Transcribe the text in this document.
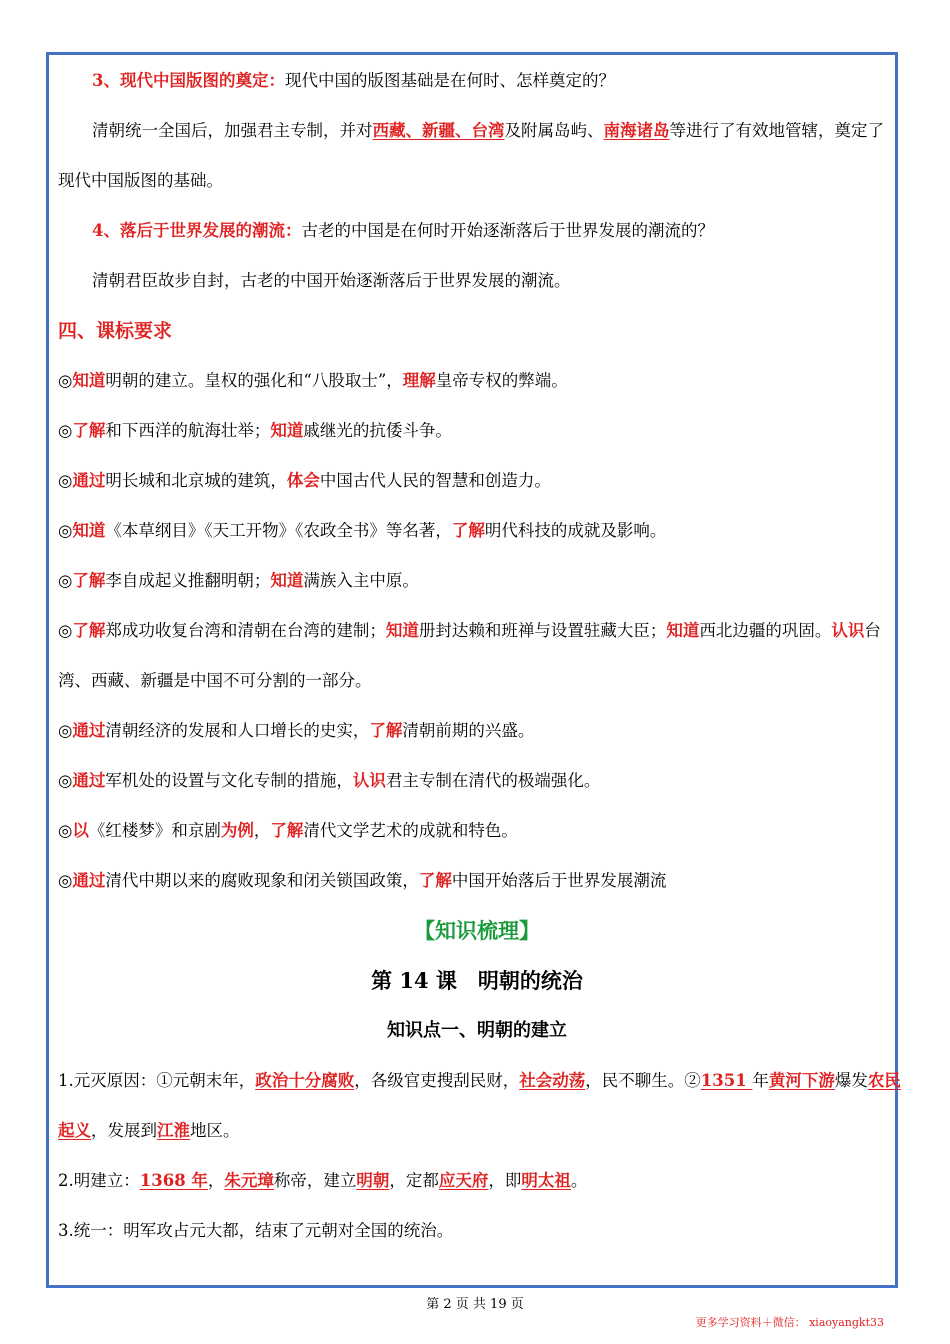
3、现代中国版图的奠定：现代中国的版图基础是在何时、怎样奠定的？
清朝统一全国后，加强君主专制，并对西藏、新疆、台湾及附属岛屿、南海诸岛等进行了有效地管辖，奠定了
现代中国版图的基础。
4、落后于世界发展的潮流：古老的中国是在何时开始逐渐落后于世界发展的潮流的？
清朝君臣故步自封，古老的中国开始逐渐落后于世界发展的潮流。
四、课标要求
◎知道明朝的建立。皇权的强化和“八股取士”，理解皇帝专权的弊端。
◎了解和下西洋的航海壮举；知道戚继光的抗倭斗争。
◎通过明长城和北京城的建筑，体会中国古代人民的智慧和创造力。
◎知道《本草纲目》《天工开物》《农政全书》等名著，了解明代科技的成就及影响。
◎了解李自成起义推翻明朝；知道满族入主中原。
◎了解郑成功收复台湾和清朝在台湾的建制；知道册封达赖和班禅与设置驻藏大臣；知道西北边疆的巩固。认识台
湾、西藏、新疆是中国不可分割的一部分。
◎通过清朝经济的发展和人口增长的史实，了解清朝前期的兴盛。
◎通过军机处的设置与文化专制的措施，认识君主专制在清代的极端强化。
◎以《红楼梦》和京剧为例，了解清代文学艺术的成就和特色。
◎通过清代中期以来的腐败现象和闭关锁国政策，了解中国开始落后于世界发展潮流
【知识梳理】
第 14 课　明朝的统治
知识点一、明朝的建立
1.元灭原因：①元朝末年，政治十分腐败，各级官吏搜刮民财，社会动荡，民不聊生。②1351 年黄河下游爆发农民
起义，发展到江淮地区。
2.明建立：1368 年，朱元璋称帝，建立明朝，定都应天府，即明太祖。
3.统一：明军攻占元大都，结束了元朝对全国的统治。
第 2 页 共 19 页
更多学习资料＋微信： xiaoyangkt33
